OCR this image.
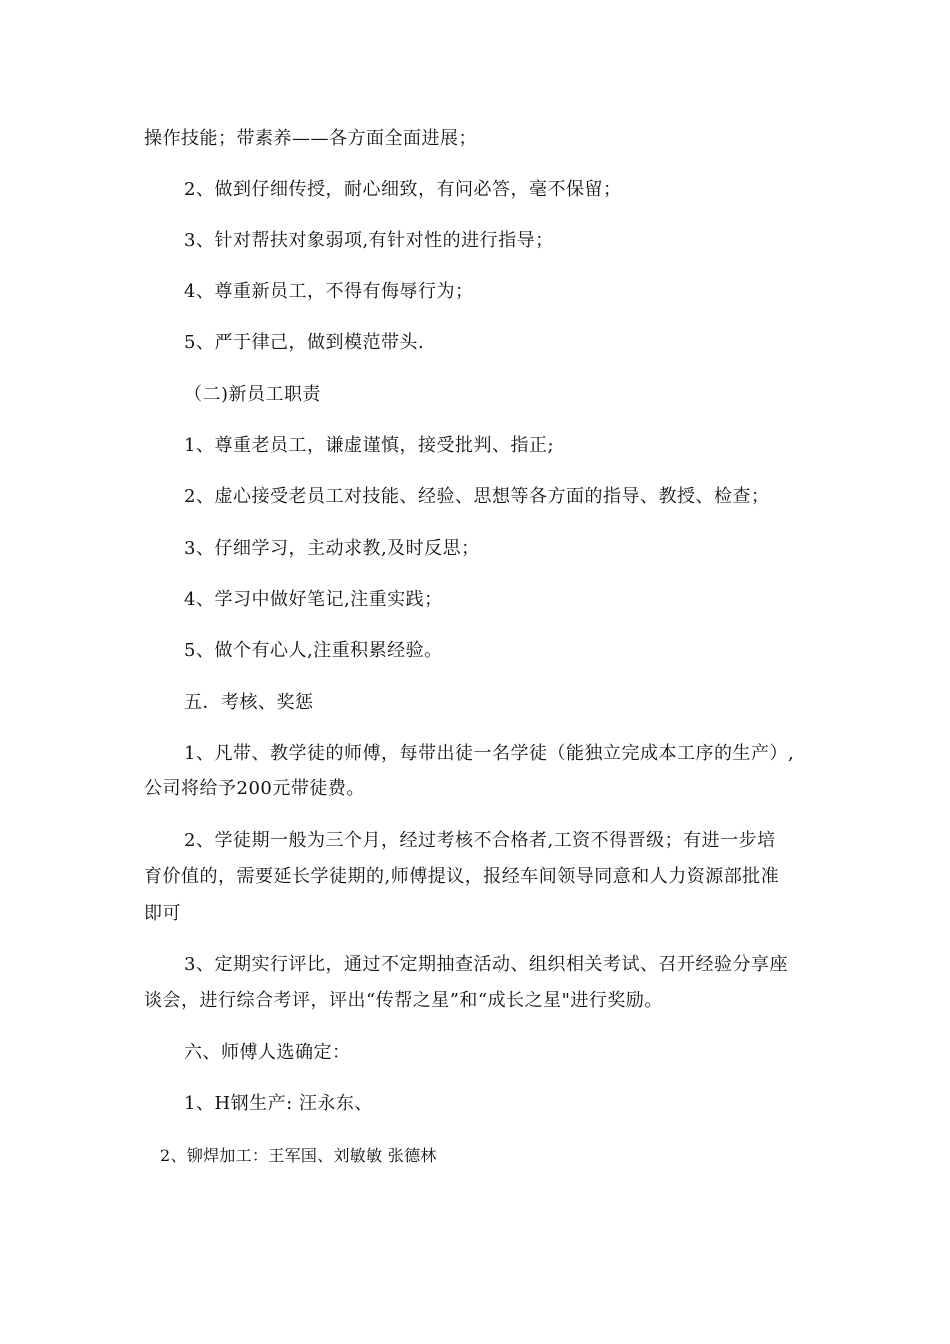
操作技能；带素养——各方面全面进展；
2、做到仔细传授，耐心细致，有问必答，毫不保留；
3、针对帮扶对象弱项,有针对性的进行指导；
4、尊重新员工，不得有侮辱行为；
5、严于律己，做到模范带头.
（二)新员工职责
1、尊重老员工，谦虚谨慎，接受批判、指正;
2、虚心接受老员工对技能、经验、思想等各方面的指导、教授、检查；
3、仔细学习，主动求教,及时反思；
4、学习中做好笔记,注重实践；
5、做个有心人,注重积累经验。
五．考核、奖惩
1、凡带、教学徒的师傅，每带出徒一名学徒（能独立完成本工序的生产）,
公司将给予200元带徒费。
2、学徒期一般为三个月，经过考核不合格者,工资不得晋级；有进一步培
育价值的，需要延长学徒期的,师傅提议，报经车间领导同意和人力资源部批准
即可
3、定期实行评比，通过不定期抽查活动、组织相关考试、召开经验分享座
谈会，进行综合考评，评出“传帮之星”和“成长之星"进行奖励。
六、师傅人选确定：
1、H钢生产: 汪永东、
2、铆焊加工：王军国、刘敏敏 张德林
